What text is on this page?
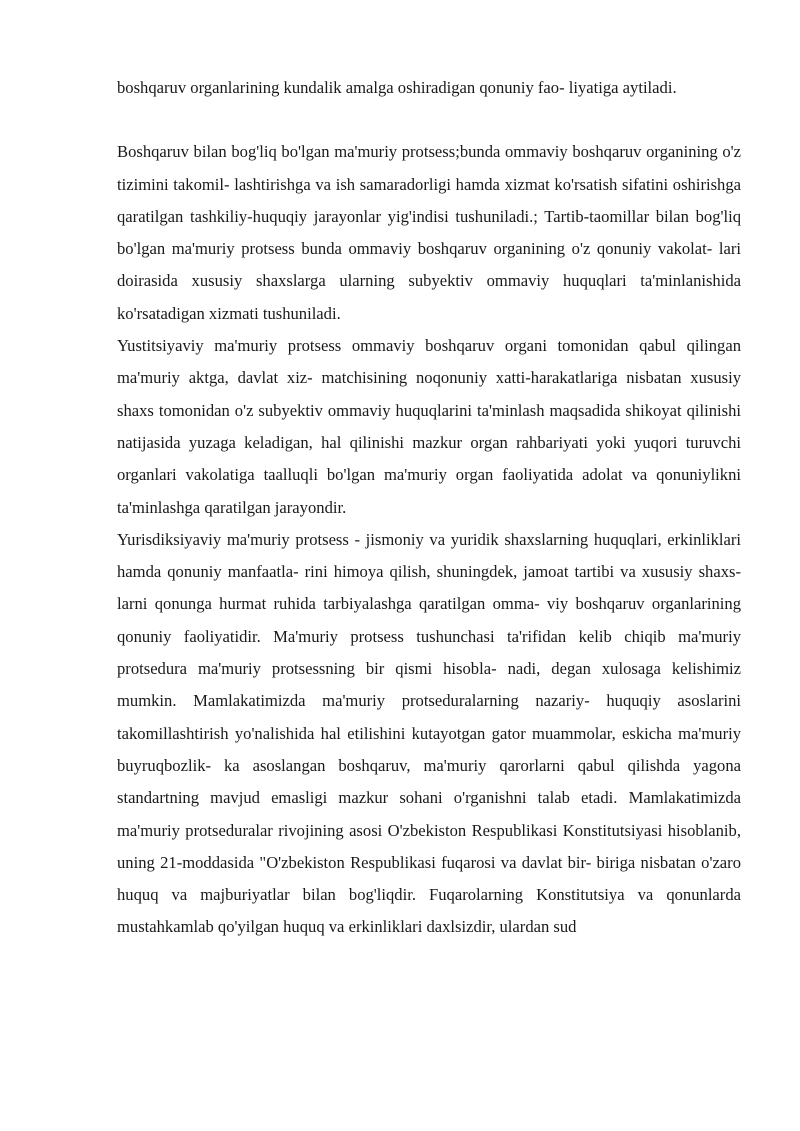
boshqaruv organlarining kundalik amalga oshiradigan qonuniy fao- liyatiga aytiladi.

Boshqaruv bilan bog'liq bo'lgan ma'muriy protsess;bunda ommaviy boshqaruv organining o'z tizimini takomil- lashtirishga va ish samaradorligi hamda xizmat ko'rsatish sifatini oshirishga qaratilgan tashkiliy-huquqiy jarayonlar yig'indisi tushuniladi.; Tartib-taomillar bilan bog'liq bo'lgan ma'muriy protsess bunda ommaviy boshqaruv organining o'z qonuniy vakolat- lari doirasida xususiy shaxslarga ularning subyektiv ommaviy huquqlari ta'minlanishida ko'rsatadigan xizmati tushuniladi.

Yustitsiyaviy ma'muriy protsess ommaviy boshqaruv organi tomonidan qabul qilingan ma'muriy aktga, davlat xiz- matchisining noqonuniy xatti-harakatlariga nisbatan xususiy shaxs tomonidan o'z subyektiv ommaviy huquqlarini ta'minlash maqsadida shikoyat qilinishi natijasida yuzaga keladigan, hal qilinishi mazkur organ rahbariyati yoki yuqori turuvchi organlari vakolatiga taalluqli bo'lgan ma'muriy organ faoliyatida adolat va qonuniylikni ta'minlashga qaratilgan jarayondir.

Yurisdiksiyaviy ma'muriy protsess - jismoniy va yuridik shaxslarning huquqlari, erkinliklari hamda qonuniy manfaatla- rini himoya qilish, shuningdek, jamoat tartibi va xususiy shaxs- larni qonunga hurmat ruhida tarbiyalashga qaratilgan omma- viy boshqaruv organlarining qonuniy faoliyatidir. Ma'muriy protsess tushunchasi ta'rifidan kelib chiqib ma'muriy protsedura ma'muriy protsessning bir qismi hisobla- nadi, degan xulosaga kelishimiz mumkin. Mamlakatimizda ma'muriy protseduralarning nazariy- huquqiy asoslarini takomillashtirish yo'nalishida hal etilishini kutayotgan gator muammolar, eskicha ma'muriy buyruqbozlik- ka asoslangan boshqaruv, ma'muriy qarorlarni qabul qilishda yagona standartning mavjud emasligi mazkur sohani o'rganishni talab etadi. Mamlakatimizda ma'muriy protseduralar rivojining asosi O'zbekiston Respublikasi Konstitutsiyasi hisoblanib, uning 21-moddasida "O'zbekiston Respublikasi fuqarosi va davlat bir- biriga nisbatan o'zaro huquq va majburiyatlar bilan bog'liqdir. Fuqarolarning Konstitutsiya va qonunlarda mustahkamlab qo'yilgan huquq va erkinliklari daxlsizdir, ulardan sud
